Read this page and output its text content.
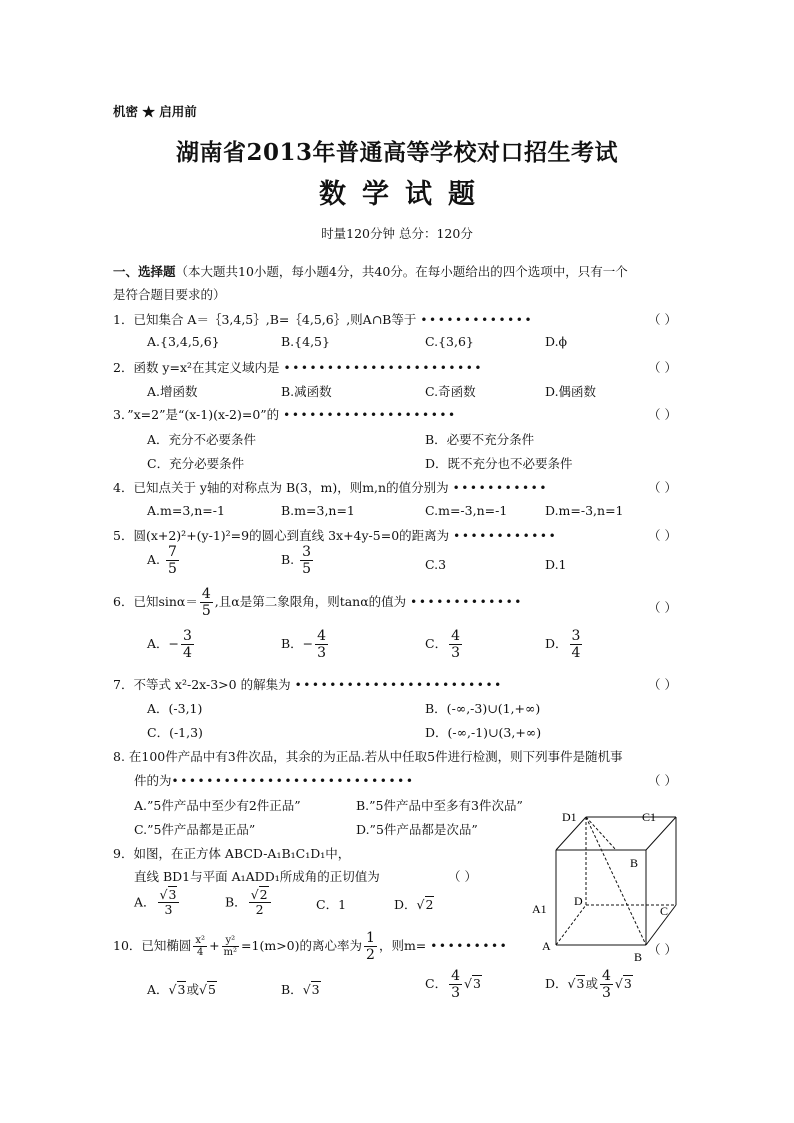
机密 ★ 启用前
湖南省2013年普通高等学校对口招生考试
数学试题
时量120分钟 总分：120分
一、选择题（本大题共10小题，每小题4分，共40分。在每小题给出的四个选项中，只有一个
是符合题目要求的）
1．已知集合 A＝｛3,4,5｝,B=｛4,5,6｝,则A∩B等于 •••••••••••••	（ ）
A.{3,4,5,6}	B.{4,5}	C.{3,6}	D.ϕ
2．函数 y=x²在其定义域内是 •••••••••••••••••••••••	（ ）
A.增函数	B.减函数	C.奇函数	D.偶函数
3．”x=2”是“(x-1)(x-2)=0”的 ••••••••••••••••••••	（ ）
A．充分不必要条件	B．必要不充分条件
C．充分必要条件	D．既不充分也不必要条件
4．已知点关于 y轴的对称点为 B(3，m)，则m,n的值分别为 •••••••••••	（ ）
A.m=3,n=-1	B.m=3,n=1	C.m=-3,n=-1	D.m=-3,n=1
5．圆(x+2)²+(y-1)²=9的圆心到直线 3x+4y-5=0的距离为 ••••••••••••	（ ）
A. $\frac{7}{5}$	B. $\frac{3}{5}$	C.3	D.1
6．已知$\sin\alpha= \frac{4}{5}$ ,且α是第二象限角，则tanα的值为 •••••••••••••	（ ）
A．− $\frac{3}{4}$	B．− $\frac{4}{3}$	C． $\frac{4}{3}$	D． $\frac{3}{4}$
7．不等式 x²-2x-3>0 的解集为 ••••••••••••••••••••••••	（ ）
A．(-3,1)	B．(-∞,-3)∪(1,+∞)
C．(-1,3)	D．(-∞,-1)∪(3,+∞)
8. 在100件产品中有3件次品，其余的为正品.若从中任取5件进行检测，则下列事件是随机事
件的为••••••••••••••••••••••••••••	（ ）
A.”5件产品中至少有2件正品”	B.”5件产品中至多有3件次品”
C.”5件产品都是正品”	D.”5件产品都是次品”
9．如图，在正方体 ABCD-A₁B₁C₁D₁中，
直线 BD1与平面 A₁ADD₁所成角的正切值为	（ ）
A． $\frac{√3}{3}$	B． $\frac{√2}{2}$	C．1	D．√2
D1	C1
B
A1
D
C
A
B
10．已知椭圆 $\frac{\text{x²}}{4} + \frac{\text{y²}}{\text{m²}} =1(m>0)$的离心率为 $\frac{1}{2}$ ，则m= •••••••••	（ ）
A．√3或√5	B．√3	C． $\frac{4}{3} √3$	D．√3或 $\frac{4}{3} √3$
